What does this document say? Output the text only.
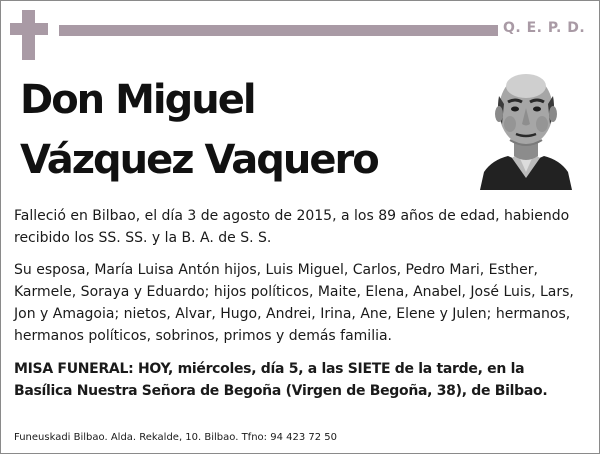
Q. E. P. D.
Don Miguel
Vázquez Vaquero

Falleció en Bilbao, el día 3 de agosto de 2015, a los 89 años de edad, habiendo recibido los SS. SS. y la B. A. de S. S.

Su esposa, María Luisa Antón hijos, Luis Miguel, Carlos, Pedro Mari, Esther, Karmele, Soraya y Eduardo; hijos políticos, Maite, Elena, Anabel, José Luis, Lars, Jon y Amagoia; nietos, Alvar, Hugo, Andrei, Irina, Ane, Elene y Julen; hermanos, hermanos políticos, sobrinos, primos y demás familia.

MISA FUNERAL: HOY, miércoles, día 5, a las SIETE de la tarde, en la Basílica Nuestra Señora de Begoña (Virgen de Begoña, 38), de Bilbao.

Funeuskadi Bilbao. Alda. Rekalde, 10. Bilbao. Tfno: 94 423 72 50
